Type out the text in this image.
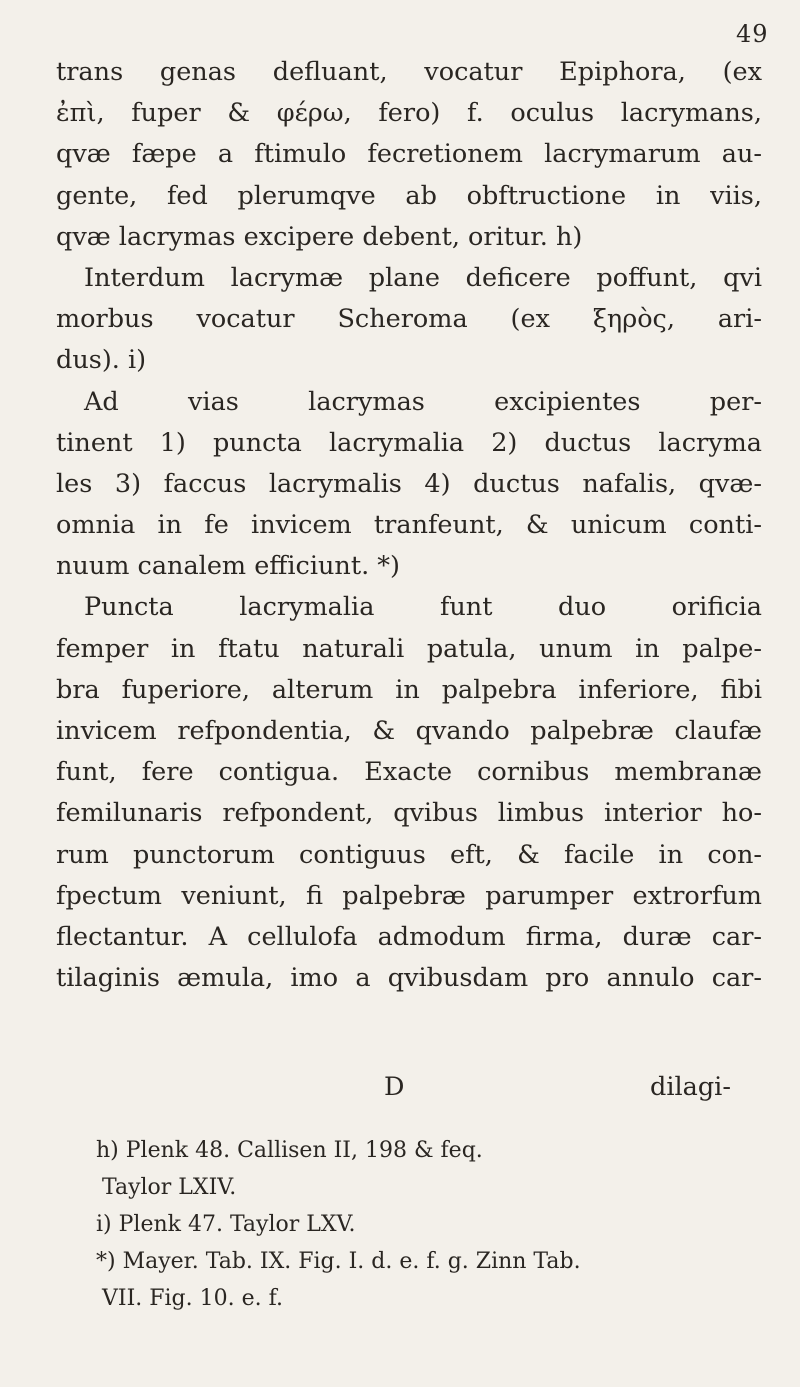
49
trans genas defluant, vocatur Epiphora, (ex
ἐπὶ, fuper & φέρω, fero) f. oculus lacrymans,
qvæ fæpe a ftimulo fecretionem lacrymarum au-
gente, fed plerumqve ab obftructione in viis,
qvæ lacrymas excipere debent, oritur. h)
Interdum lacrymæ plane deficere poffunt, qvi
morbus vocatur Scheroma (ex ξηρὸς, ari-
dus). i)
Ad vias lacrymas excipientes per-
tinent 1) puncta lacrymalia 2) ductus lacryma
les 3) faccus lacrymalis 4) ductus nafalis, qvæ-
omnia in fe invicem tranfeunt, & unicum conti-
nuum canalem efficiunt. *)
Puncta lacrymalia funt duo orificia
femper in ftatu naturali patula, unum in palpe-
bra fuperiore, alterum in palpebra inferiore, fibi
invicem refpondentia, & qvando palpebræ claufæ
funt, fere contigua. Exacte cornibus membranæ
femilunaris refpondent, qvibus limbus interior ho-
rum punctorum contiguus eft, & facile in con-
fpectum veniunt, fi palpebræ parumper extrorfum
flectantur. A cellulofa admodum firma, duræ car-
tilaginis æmula, imo a qvibusdam pro annulo car-
D	dilagi-
h) Plenk 48. Callisen II, 198 & feq.
Taylor LXIV.
i) Plenk 47. Taylor LXV.
*) Mayer. Tab. IX. Fig. I. d. e. f. g. Zinn Tab.
VII. Fig. 10. e. f.
